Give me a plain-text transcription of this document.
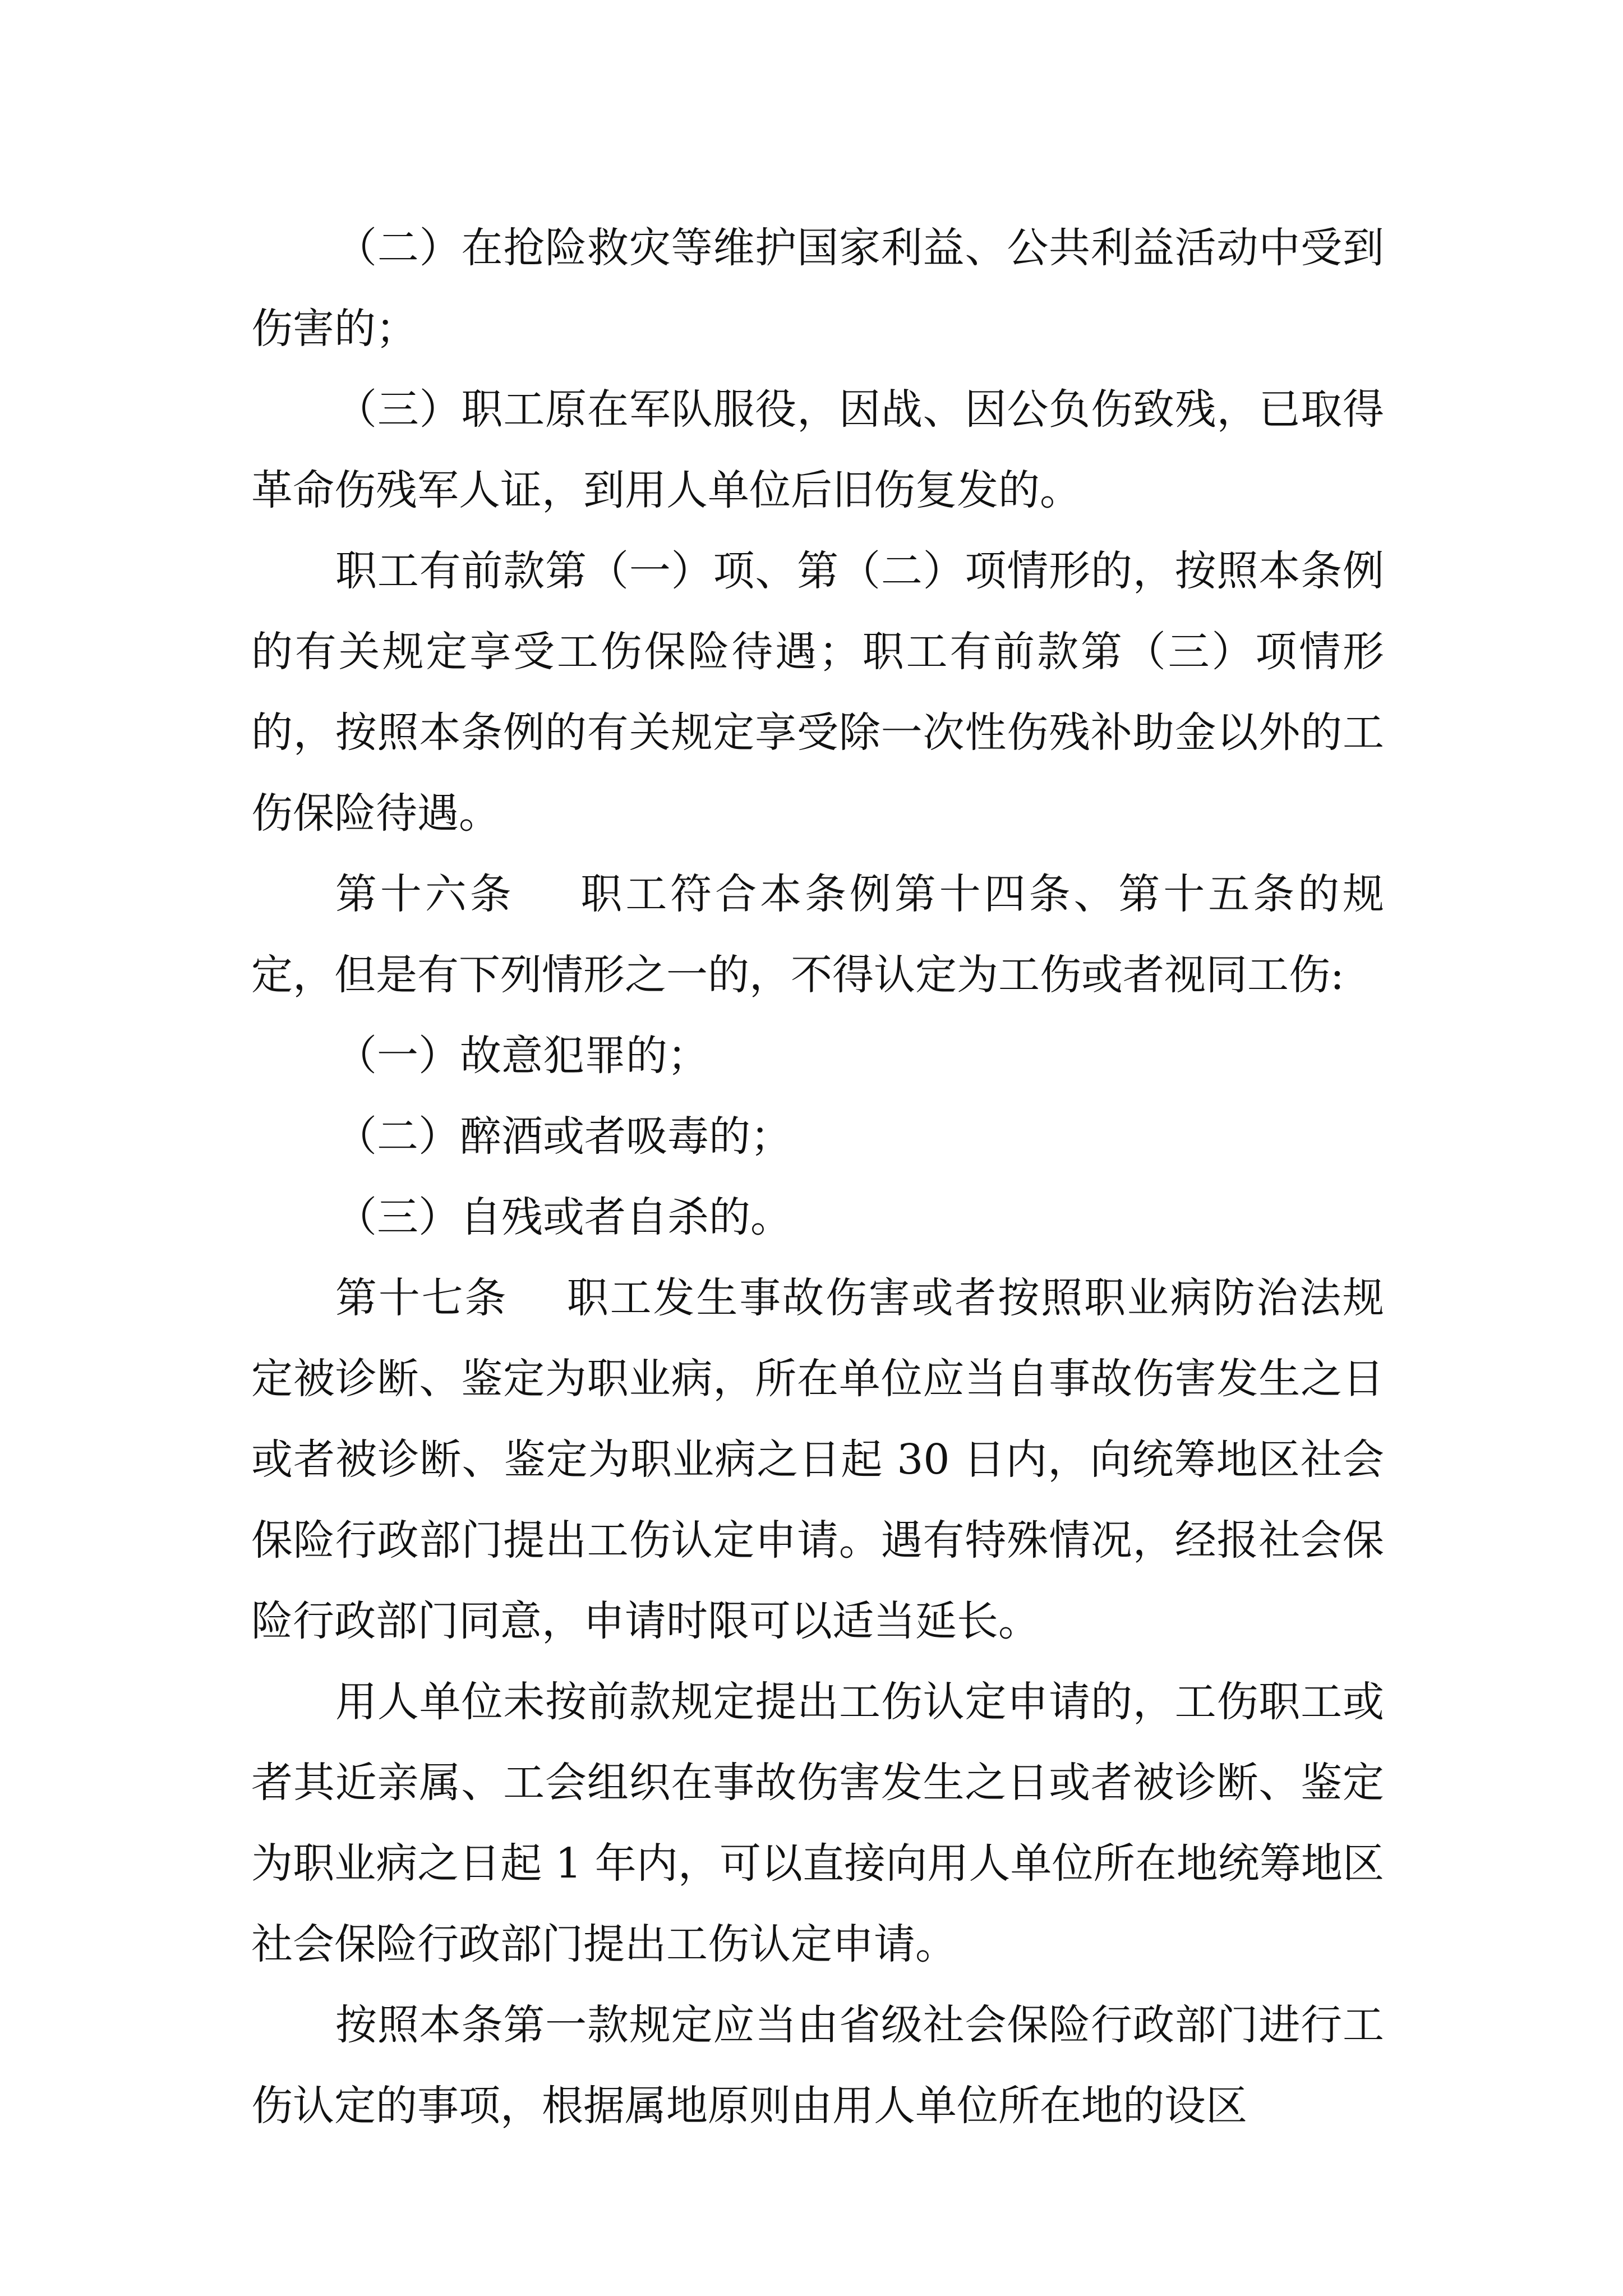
（二）在抢险救灾等维护国家利益、公共利益活动中受到伤害的；

（三）职工原在军队服役，因战、因公负伤致残，已取得革命伤残军人证，到用人单位后旧伤复发的。

职工有前款第（一）项、第（二）项情形的，按照本条例的有关规定享受工伤保险待遇；职工有前款第（三）项情形的，按照本条例的有关规定享受除一次性伤残补助金以外的工伤保险待遇。

第十六条    职工符合本条例第十四条、第十五条的规定，但是有下列情形之一的，不得认定为工伤或者视同工伤:

（一）故意犯罪的；

（二）醉酒或者吸毒的；

（三）自残或者自杀的。

第十七条    职工发生事故伤害或者按照职业病防治法规定被诊断、鉴定为职业病，所在单位应当自事故伤害发生之日或者被诊断、鉴定为职业病之日起 30 日内，向统筹地区社会保险行政部门提出工伤认定申请。遇有特殊情况，经报社会保险行政部门同意，申请时限可以适当延长。

用人单位未按前款规定提出工伤认定申请的，工伤职工或者其近亲属、工会组织在事故伤害发生之日或者被诊断、鉴定为职业病之日起 1 年内，可以直接向用人单位所在地统筹地区社会保险行政部门提出工伤认定申请。

按照本条第一款规定应当由省级社会保险行政部门进行工伤认定的事项，根据属地原则由用人单位所在地的设区
